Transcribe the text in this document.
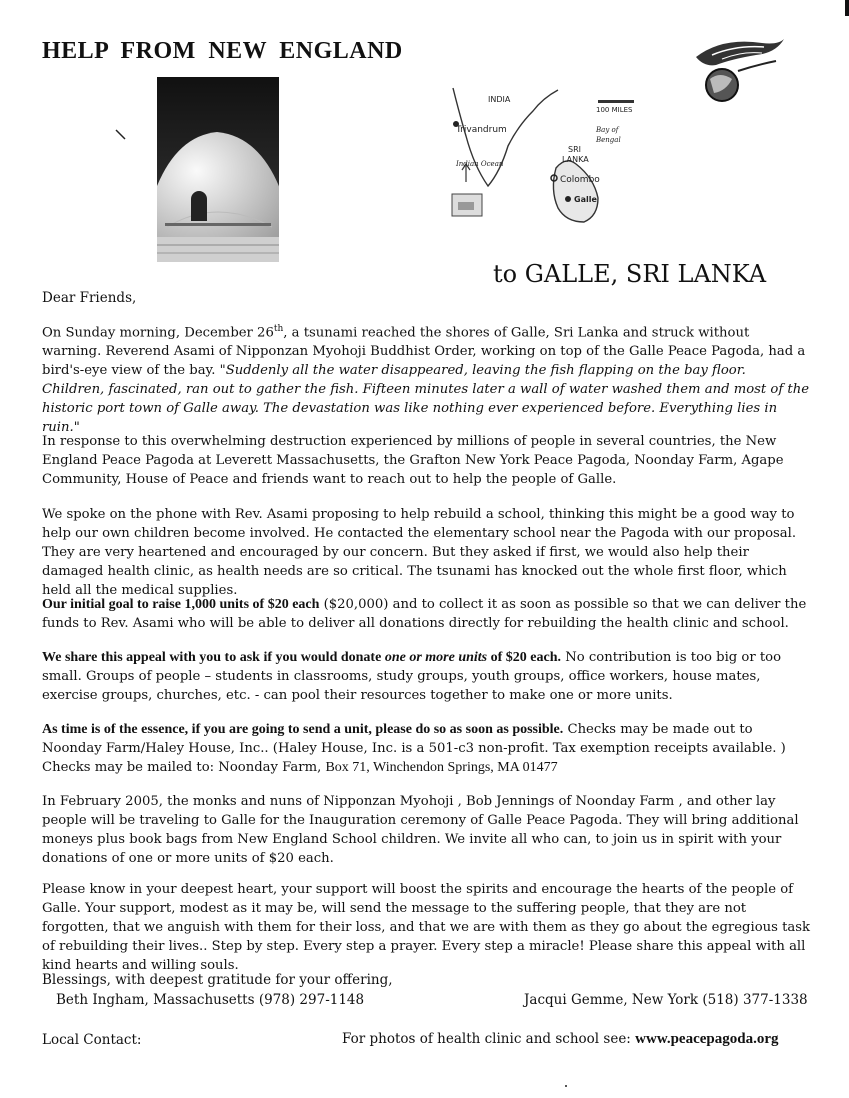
HELP FROM NEW ENGLAND
INDIA
100 MILES
Trivandrum	Bay of
Bengal
SRI
LANKA
Indian Ocean
Colombo
Galle
to GALLE, SRI LANKA
Dear Friends,

On Sunday morning, December 26th, a tsunami reached the shores of Galle, Sri Lanka and struck without warning. Reverend Asami of Nipponzan Myohoji Buddhist Order, working on top of the Galle Peace Pagoda, had a bird's-eye view of the bay. "Suddenly all the water disappeared, leaving the fish flapping on the bay floor. Children, fascinated, ran out to gather the fish. Fifteen minutes later a wall of water washed them and most of the historic port town of Galle away. The devastation was like nothing ever experienced before. Everything lies in ruin."

In response to this overwhelming destruction experienced by millions of people in several countries, the New England Peace Pagoda at Leverett Massachusetts, the Grafton New York Peace Pagoda, Noonday Farm, Agape Community, House of Peace and friends want to reach out to help the people of Galle.

We spoke on the phone with Rev. Asami proposing to help rebuild a school, thinking this might be a good way to help our own children become involved. He contacted the elementary school near the Pagoda with our proposal. They are very heartened and encouraged by our concern. But they asked if first, we would also help their damaged health clinic, as health needs are so critical. The tsunami has knocked out the whole first floor, which held all the medical supplies.

Our initial goal to raise 1,000 units of $20 each ($20,000) and to collect it as soon as possible so that we can deliver the funds to Rev. Asami who will be able to deliver all donations directly for rebuilding the health clinic and school.

We share this appeal with you to ask if you would donate one or more units of $20 each. No contribution is too big or too small. Groups of people – students in classrooms, study groups, youth groups, office workers, house mates, exercise groups, churches, etc. - can pool their resources together to make one or more units.

As time is of the essence, if you are going to send a unit, please do so as soon as possible. Checks may be made out to Noonday Farm/Haley House, Inc.. (Haley House, Inc. is a 501-c3 non-profit. Tax exemption receipts available. )

Checks may be mailed to: Noonday Farm, Box 71, Winchendon Springs, MA 01477

In February 2005, the monks and nuns of Nipponzan Myohoji , Bob Jennings of Noonday Farm , and other lay people will be traveling to Galle for the Inauguration ceremony of Galle Peace Pagoda. They will bring additional moneys plus book bags from New England School children. We invite all who can, to join us in spirit with your donations of one or more units of $20 each.

Please know in your deepest heart, your support will boost the spirits and encourage the hearts of the people of Galle. Your support, modest as it may be, will send the message to the suffering people, that they are not forgotten, that we anguish with them for their loss, and that we are with them as they go about the egregious task of rebuilding their lives.. Step by step. Every step a prayer. Every step a miracle! Please share this appeal with all kind hearts and willing souls.

Blessings, with deepest gratitude for your offering,
Beth Ingham, Massachusetts (978) 297-1148	Jacqui Gemme, New York (518) 377-1338
Local Contact:	For photos of health clinic and school see: www.peacepagoda.org
